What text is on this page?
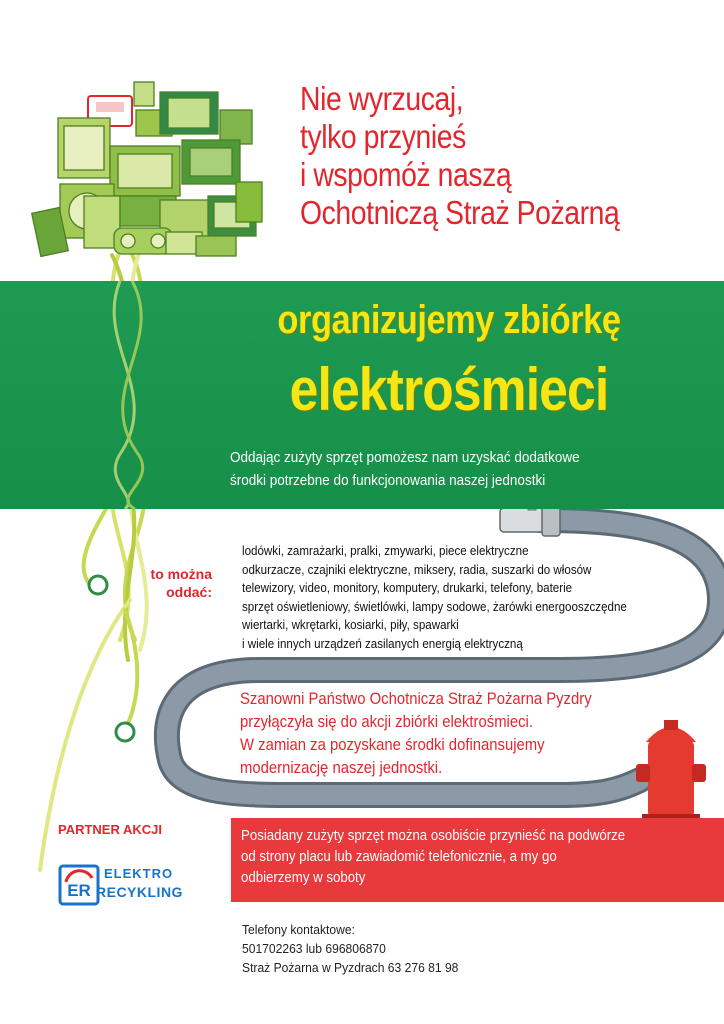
Nie wyrzucaj,
tylko przynieś
i wspomóż naszą
Ochotniczą Straż Pożarną
organizujemy zbiórkę
elektrośmieci
Oddając zużyty sprzęt pomożesz nam uzyskać dodatkowe
środki potrzebne do funkcjonowania naszej jednostki
to można
oddać:
lodówki, zamrażarki, pralki, zmywarki, piece elektryczne
odkurzacze, czajniki elektryczne, miksery, radia, suszarki do włosów
telewizory, video, monitory, komputery, drukarki, telefony, baterie
sprzęt oświetleniowy, świetlówki, lampy sodowe, żarówki energooszczędne
wiertarki, wkrętarki, kosiarki, piły, spawarki
i wiele innych urządzeń zasilanych energią elektryczną
Szanowni Państwo Ochotnicza Straż Pożarna Pyzdry
przyłączyła się do akcji zbiórki elektrośmieci.
W zamian za pozyskane środki dofinansujemy
modernizację naszej jednostki.
PARTNER AKCJI
ER
ELEKTRO
RECYKLING
Posiadany zużyty sprzęt można osobiście przynieść na podwórze
od strony placu lub zawiadomić telefonicznie, a my go
odbierzemy w soboty
Telefony kontaktowe:
501702263 lub 696806870
Straż Pożarna w Pyzdrach 63 276 81 98
